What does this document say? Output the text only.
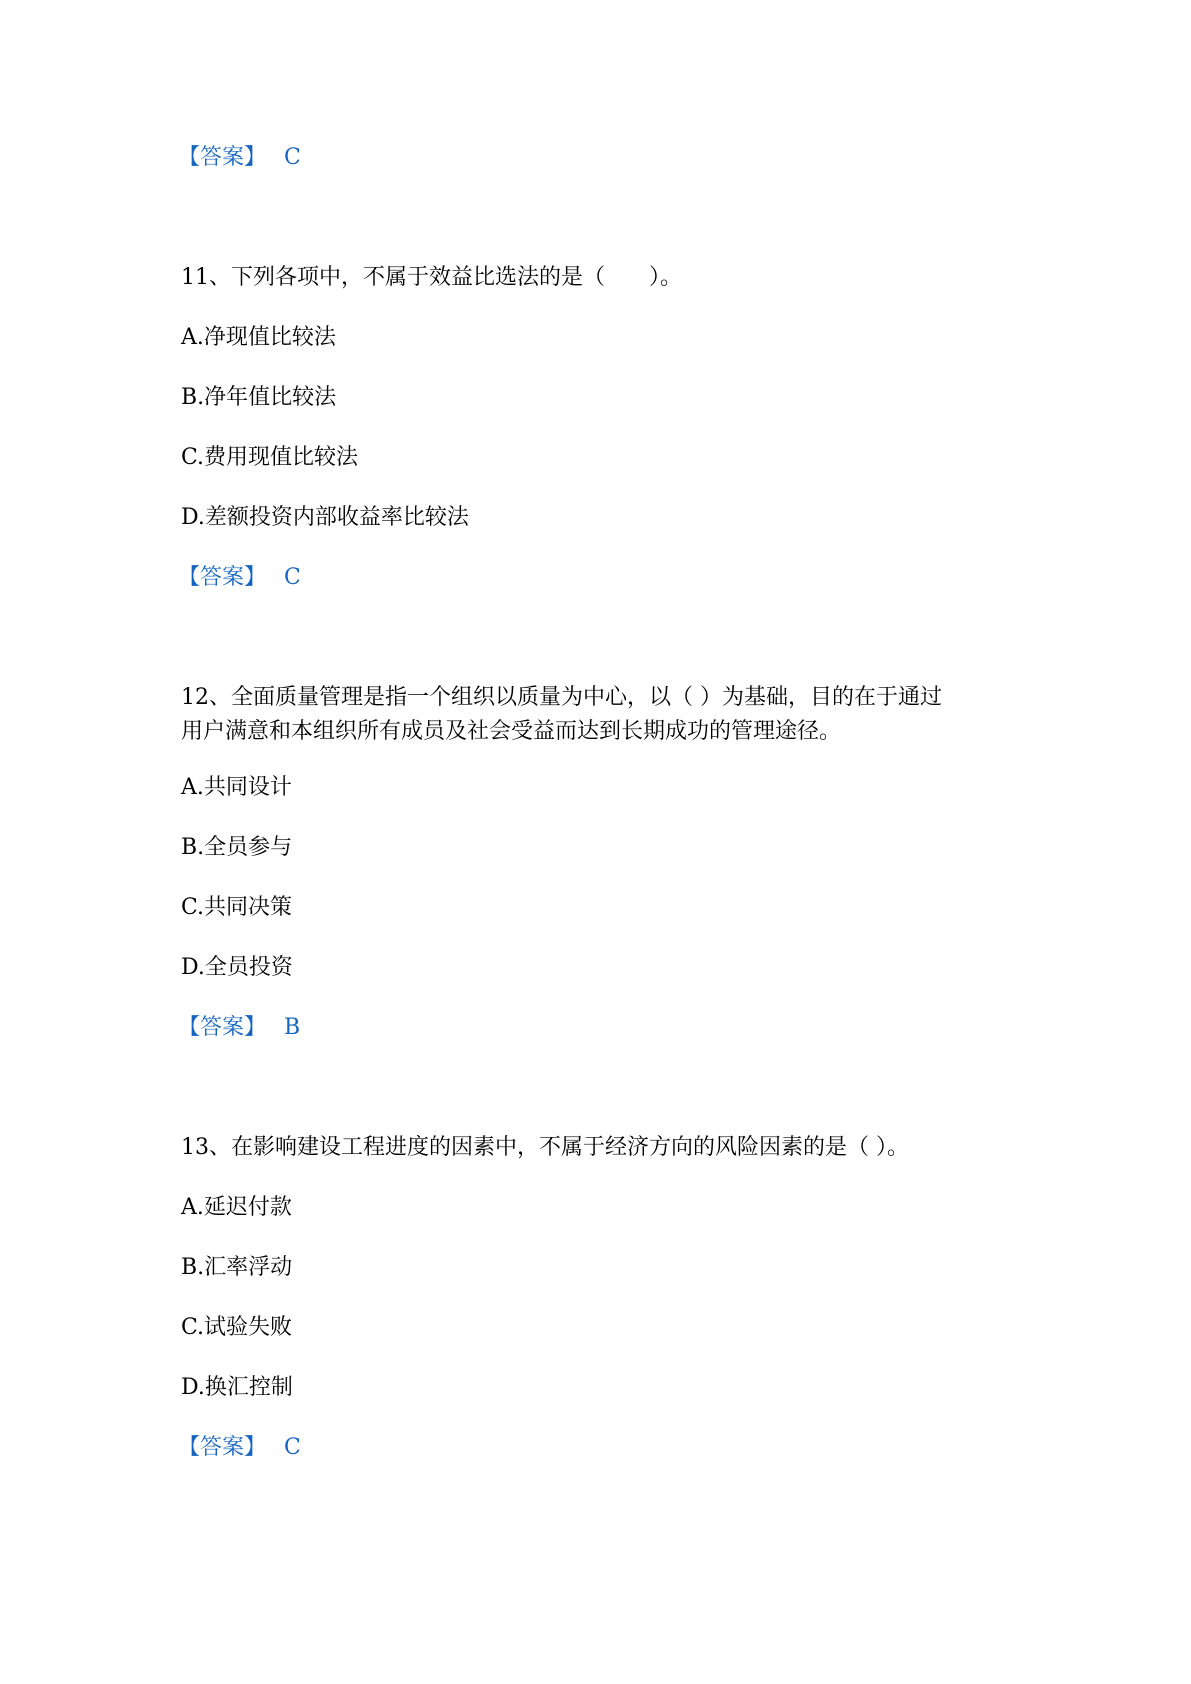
【答案】 C
11、下列各项中，不属于效益比选法的是（　　）。
A.净现值比较法
B.净年值比较法
C.费用现值比较法
D.差额投资内部收益率比较法
【答案】 C
12、全面质量管理是指一个组织以质量为中心，以（ ）为基础，目的在于通过
用户满意和本组织所有成员及社会受益而达到长期成功的管理途径。
A.共同设计
B.全员参与
C.共同决策
D.全员投资
【答案】 B
13、在影响建设工程进度的因素中，不属于经济方向的风险因素的是（ ）。
A.延迟付款
B.汇率浮动
C.试验失败
D.换汇控制
【答案】 C
